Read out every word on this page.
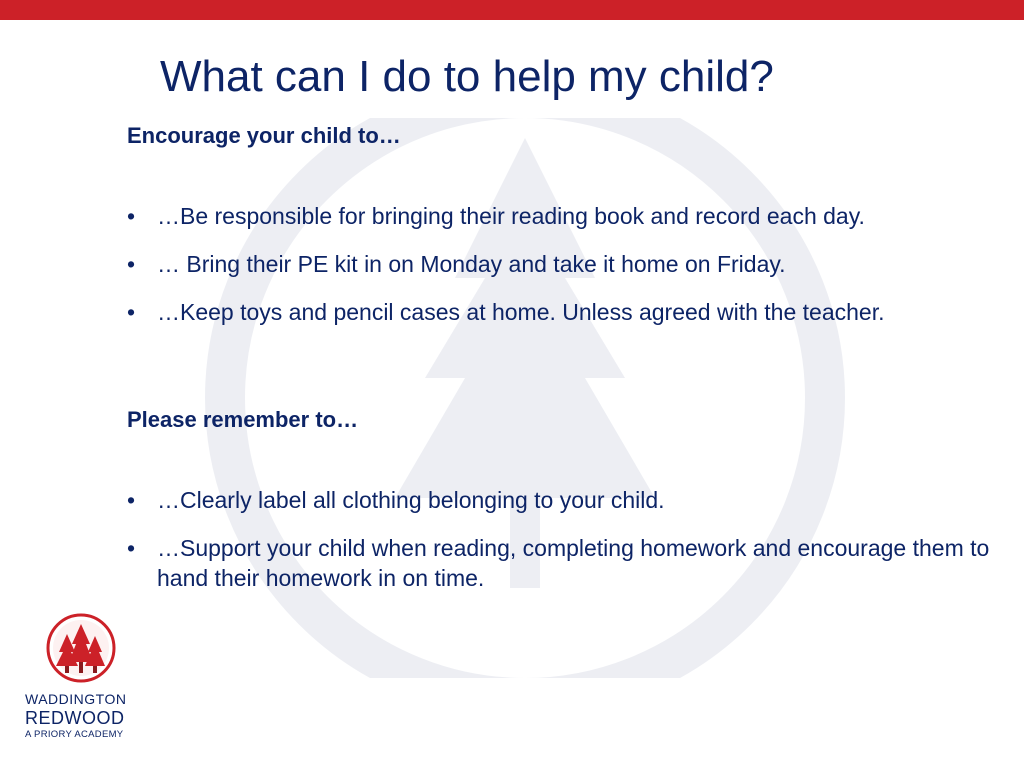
What can I do to help my child?
Encourage your child to…
• …Be responsible for bringing their reading book and record each day.
• … Bring their PE kit in on Monday and take it home on Friday.
• …Keep toys and pencil cases at home. Unless agreed with the teacher.
Please remember to…
• …Clearly label all clothing belonging to your child.
• …Support your child when reading, completing homework and encourage them to hand their homework in on time.
WADDINGTON
REDWOOD
A PRIORY ACADEMY
